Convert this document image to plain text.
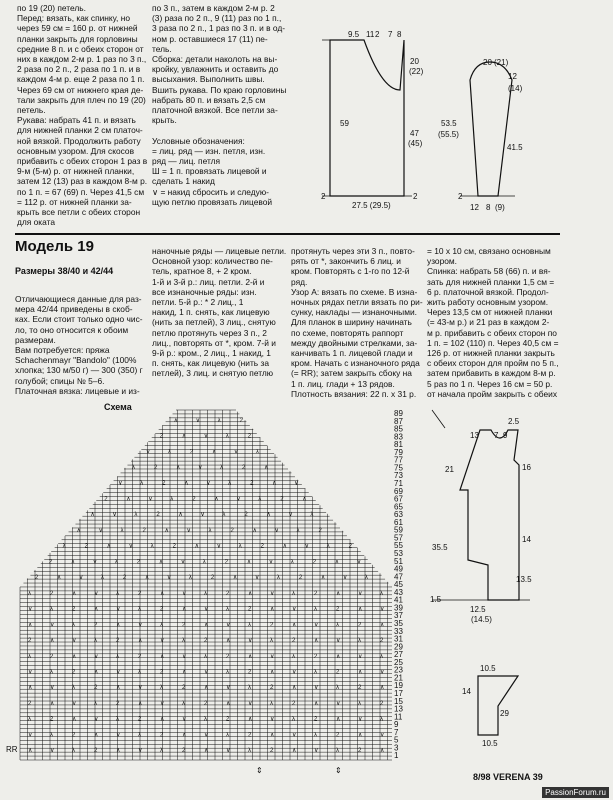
по 19 (20) петель.
Перед: вязать, как спинку, но
через 59 см = 160 р. от нижней
планки закрыть для горловины
средние 8 п. и с обеих сторон от
них в каждом 2-м р. 1 раз по 3 п.,
2 раза по 2 п., 2 раза по 1 п. и в
каждом 4-м р. еще 2 раза по 1 п.
Через 69 см от нижнего края де-
тали закрыть для плеч по 19 (20)
петель.
Рукава: набрать 41 п. и вязать
для нижней планки 2 см платоч-
ной вязкой. Продолжить работу
основным узором. Для скосов
прибавить с обеих сторон 1 раз в
9-м (5-м) р. от нижней планки,
затем 12 (13) раз в каждом 8-м р.
по 1 п. = 67 (69) п. Через 41,5 см
= 112 р. от нижней планки за-
крыть все петли с обеих сторон для оката
по 3 п., затем в каждом 2-м р. 2
(3) раза по 2 п., 9 (11) раз по 1 п.,
3 раза по 2 п., 1 раз по 3 п. и в од-
ном р. оставшиеся 17 (11) пе-
тель.
Сборка: детали наколоть на вы-
кройку, увлажнить и оставить до
высыхания. Выполнить швы.
Вшить рукава. По краю горловины
набрать 80 п. и вязать 2,5 см
платочной вязкой. Все петли за-
крыть.

Условные обозначения:
= лиц. ряд — изн. петля, изн.
ряд — лиц. петля
Ш = 1 п. провязать лицевой и
сделать 1 накид
∨ = накид сбросить и следую-
щую петлю провязать лицевой
Модель 19
Размеры 38/40 и 42/44
Отличающиеся данные для раз-
мера 42/44 приведены в скоб-
ках. Если стоит только одно чис-
ло, то оно относится к обоим
размерам.
Вам потребуется: пряжа
Schachenmayr "Bandolo" (100%
хлопка; 130 м/50 г) — 300 (350) г
голубой; спицы № 5–6.
Платочная вязка: лицевые и из-
наночные ряды — лицевые петли.
Основной узор: количество пе-
тель, кратное 8, + 2 кром.
1-й и 3-й р.: лиц. петли. 2-й и
все изнаночные ряды: изн.
петли. 5-й р.: * 2 лиц., 1
накид, 1 п. снять, как лицевую
(нить за петлей), 3 лиц., снятую
петлю протянуть через 3 п., 2
лиц., повторять от *, кром. 7-й и
9-й р.: кром., 2 лиц., 1 накид, 1
п. снять, как лицевую (нить за
петлей), 3 лиц. и снятую петлю
протянуть через эти 3 п., повто-
рять от *, закончить 6 лиц. и
кром. Повторять с 1-го по 12-й
ряд.
Узор А: вязать по схеме. В изна-
ночных рядах петли вязать по ри-
сунку, наклады — изнаночными.
Для планок в ширину начинать
по схеме, повторять раппорт
между двойными стрелками, за-
канчивать 1 п. лицевой глади и
кром. Начать с изнаночного ряда
(= RR); затем закрыть сбоку на
1 п. лиц. глади + 13 рядов.
Плотность вязания: 22 п. x 31 р.
= 10 x 10 см, связано основным
узором.
Спинка: набрать 58 (66) п. и вя-
зать для нижней планки 1,5 см =
6 р. платочной вязкой. Продол-
жить работу основным узором.
Через 13,5 см от нижней планки
(= 43-м р.) и 21 раз в каждом 2-
м р. прибавить с обеих сторон по
1 п. = 102 (110) п. Через 40,5 см =
126 р. от нижней планки закрыть
с обеих сторон для пройм по 5 п.,
затем прибавить в каждом 8-м р.
5 раз по 1 п. Через 16 см = 50 р.
от начала пройм закрыть с обеих
Схема
9.5 11 2 7 8
20
(22)
59
47
(45)
27.5 (29.5)
2	2
20 (21)
12
(14)
53.5
(55.5)
41.5
2
12 8 (9)
∧	∨	λ	2	∧	∨	λ	2	∧	∨	λ	2	∧	∨	λ	2	∧
∨	λ	2	∧	∨	λ	2	∧	∨	λ	2	∧	∨	λ	2	∧	∨
λ	2	∧	∨	λ	2	∧	∨	λ	2	∧	∨	λ	2	∧	∨	λ
2	∧	∨	λ	2	∧	∨	λ	2	∧	∨	λ	2	∧	∨	λ	2
∧	∨	λ	2	∧	∨	λ	2	∧	∨	λ	2	∧	∨	λ	2	∧
∨	λ	2	∧	∨	λ	2	∧	∨	λ	2	∧	∨	λ	2	∧	∨
λ	2	∧	∨	λ	2	∧	∨	λ	2	∧	∨	λ	2	∧	∨	λ
2	∧	∨	λ	2	∧	∨	λ	2	∧	∨	λ	2	∧	∨	λ	2
∧	∨	λ	2	∧	∨	λ	2	∧	∨	λ	2	∧	∨	λ	2	∧
∨	λ	2	∧	∨	λ	2	∧	∨	λ	2	∧	∨	λ	2	∧	∨
λ	2	∧	∨	λ	2	∧	∨	λ	2	∧	∨	λ	2	∧	∨	λ
2	∧	∨	λ	2	∧	∨	λ	2	∧	∨	λ	2	∧	∨	λ
2	∧	∨	λ	2	∧	∨	λ	2	∧	∨	λ	2	∧	∨
λ	2	∧	∨	λ	2	∧	∨	λ	2	∧	∨	λ	2
∧	∨	λ	2	∧	∨	λ	2	∧	∨	λ	2
∧	∨	λ	2	∧	∨	λ	2	∧	∨	λ
2	∧	∨	λ	2	∧	∨	λ	2	∧
∨	λ	2	∧	∨	λ	2	∧	∨
λ	2	∧	∨	λ	2	∧
∨	λ	2	∧	∨	λ
2	∧	∨	λ	2
∧	∨	λ	2
89
87
85
83
81
79
77
75
73
71
69
67
65
63
61
59
57
55
53
51
49
47
45
43
41
39
37
35
33
31
29
27
25
23
21
19
17
15
13
11
9
7
5
3
1
RR
⇕	⇕
2.5
13 7 9
21	16
14
35.5
13.5
1.5
12.5
(14.5)
10.5
14
29
10.5
8/98 VERENA 39
PassionForum.ru
